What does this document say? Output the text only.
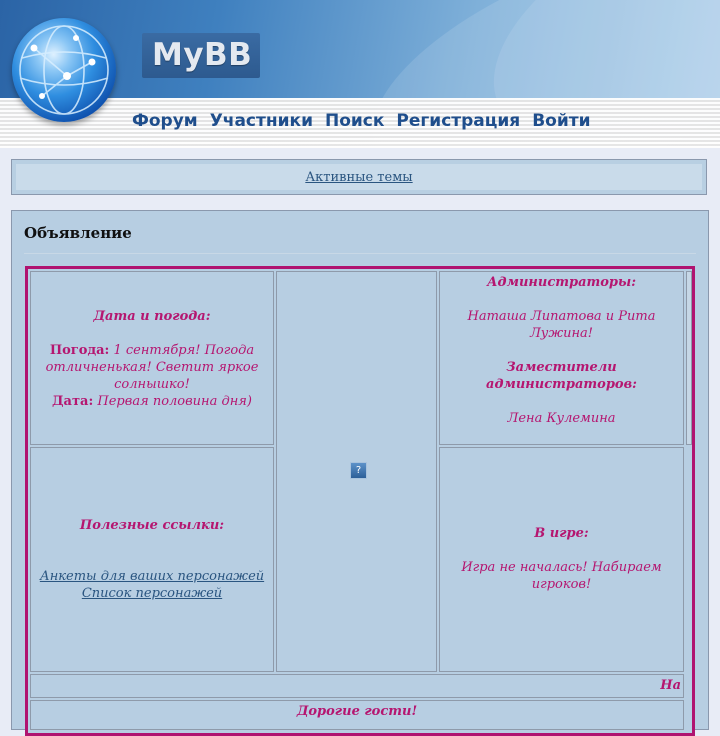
MyBB
Форум Участники Поиск Регистрация Войти
Активные темы
Объявление
Дата и погода:
Погода: 1 сентября! Погода отличненькая! Светит яркое солнышко!
Дата: Первая половина дня)
?
Администраторы:
Наташа Липатова и Рита Лужина!
Заместители администраторов:
Лена Кулемина
Полезные ссылки:
Анкеты для ваших персонажей
Список персонажей
В игре:
Игра не началась! Набираем игроков!
На
Дорогие гости!
